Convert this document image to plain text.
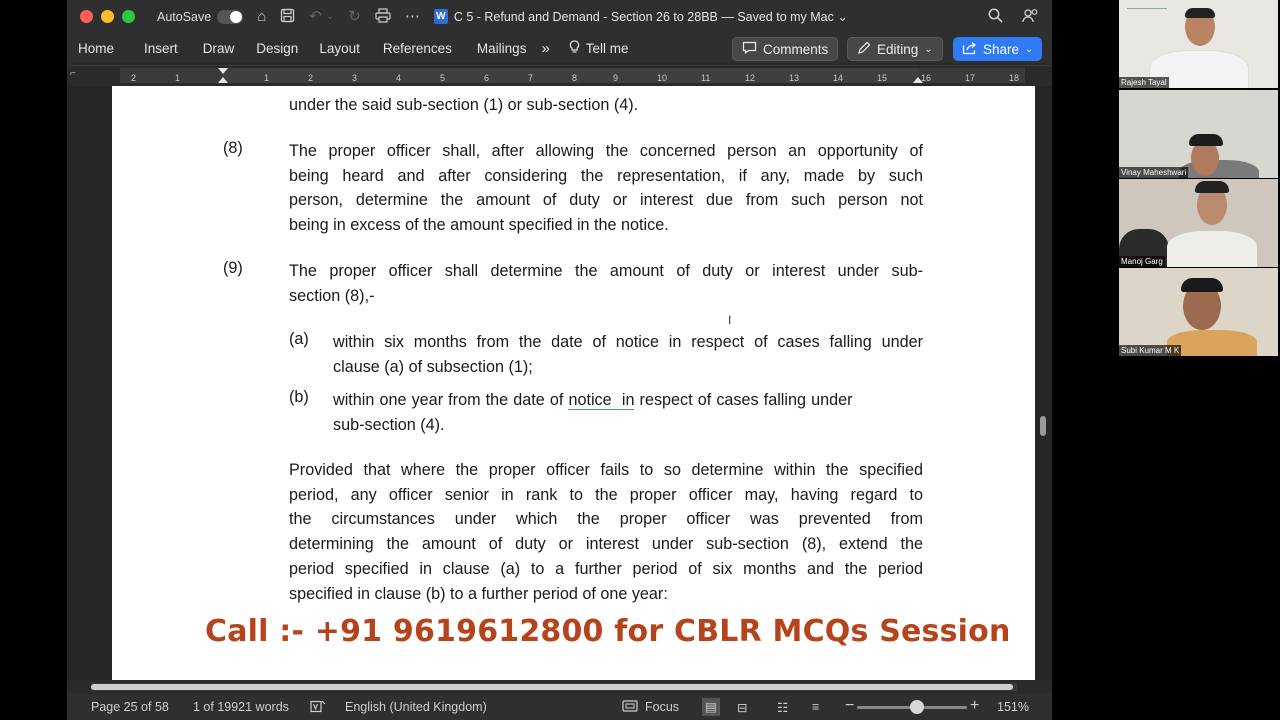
AutoSave	⌂	↶ ⌄ ↻	⋯ W C 5 - Refund and Demand - Section 26 to 28BB — Saved to my Mac ⌄
Home	Insert	Draw	Design	Layout	References	Mailings	»	Tell me	Comments	Editing ⌄	Share ⌄
⌐	2	1	1	2	3	4	5	6	7	8	9	10	11	12	13	14	15	16	17	18
under the said sub-section (1) or sub-section (4).
(8)	The proper officer shall, after allowing the concerned person an opportunity of
being heard and after considering the representation, if any, made by such
person, determine the amount of duty or interest due from such person not
being in excess of the amount specified in the notice.
(9)	The proper officer shall determine the amount of duty or interest under sub-
section (8),-
(a) within six months from the date of notice in respect of cases falling under
clause (a) of subsection (1);
(b) within one year from the date of notice  in respect of cases falling under
sub-section (4).
Provided that where the proper officer fails to so determine within the specified
period, any officer senior in rank to the proper officer may, having regard to
the circumstances under which the proper officer was prevented from
determining the amount of duty or interest under sub-section (8), extend the
period specified in clause (a) to a further period of six months and the period
specified in clause (b) to a further period of one year:
I
Call :- +91 9619612800 for CBLR MCQs Session
Page 25 of 58 1 of 19921 words	English (United Kingdom)	Focus ▤ ⊟ ☷ ≡ −	+ 151%
Rajesh Tayal
Vinay Maheshwari
Manoj Garg
Subi Kumar M K
